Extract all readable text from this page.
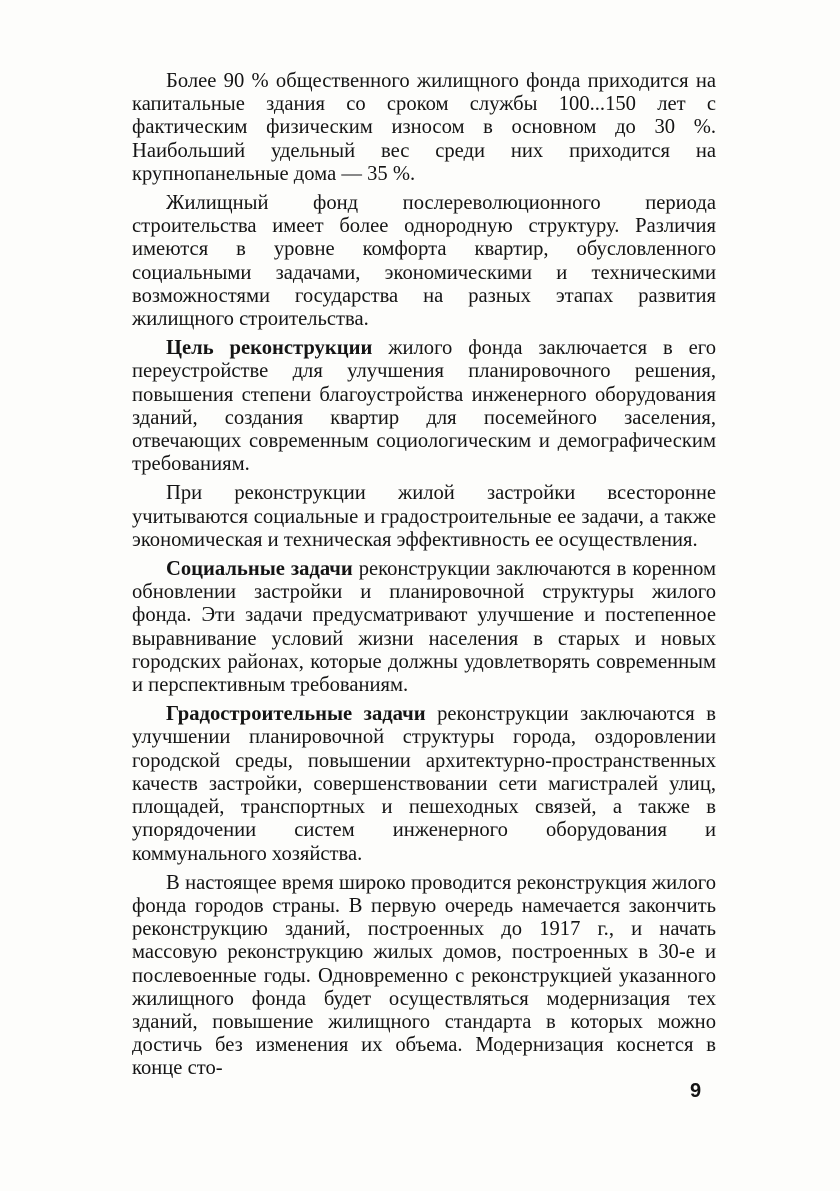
Более 90 % общественного жилищного фонда приходится на капитальные здания со сроком службы 100...150 лет с фактическим физическим износом в основном до 30 %. Наибольший удельный вес среди них приходится на крупнопанельные дома — 35 %.

Жилищный фонд послереволюционного периода строительства имеет более однородную структуру. Различия имеются в уровне комфорта квартир, обусловленного социальными задачами, экономическими и техническими возможностями государства на разных этапах развития жилищного строительства.

Цель реконструкции жилого фонда заключается в его переустройстве для улучшения планировочного решения, повышения степени благоустройства инженерного оборудования зданий, создания квартир для посемейного заселения, отвечающих современным социологическим и демографическим требованиям.

При реконструкции жилой застройки всесторонне учитываются социальные и градостроительные ее задачи, а также экономическая и техническая эффективность ее осуществления.

Социальные задачи реконструкции заключаются в коренном обновлении застройки и планировочной структуры жилого фонда. Эти задачи предусматривают улучшение и постепенное выравнивание условий жизни населения в старых и новых городских районах, которые должны удовлетворять современным и перспективным требованиям.

Градостроительные задачи реконструкции заключаются в улучшении планировочной структуры города, оздоровлении городской среды, повышении архитектурно-пространственных качеств застройки, совершенствовании сети магистралей улиц, площадей, транспортных и пешеходных связей, а также в упорядочении систем инженерного оборудования и коммунального хозяйства.

В настоящее время широко проводится реконструкция жилого фонда городов страны. В первую очередь намечается закончить реконструкцию зданий, построенных до 1917 г., и начать массовую реконструкцию жилых домов, построенных в 30-е и послевоенные годы. Одновременно с реконструкцией указанного жилищного фонда будет осуществляться модернизация тех зданий, повышение жилищного стандарта в которых можно достичь без изменения их объема. Модернизация коснется в конце сто-

9
